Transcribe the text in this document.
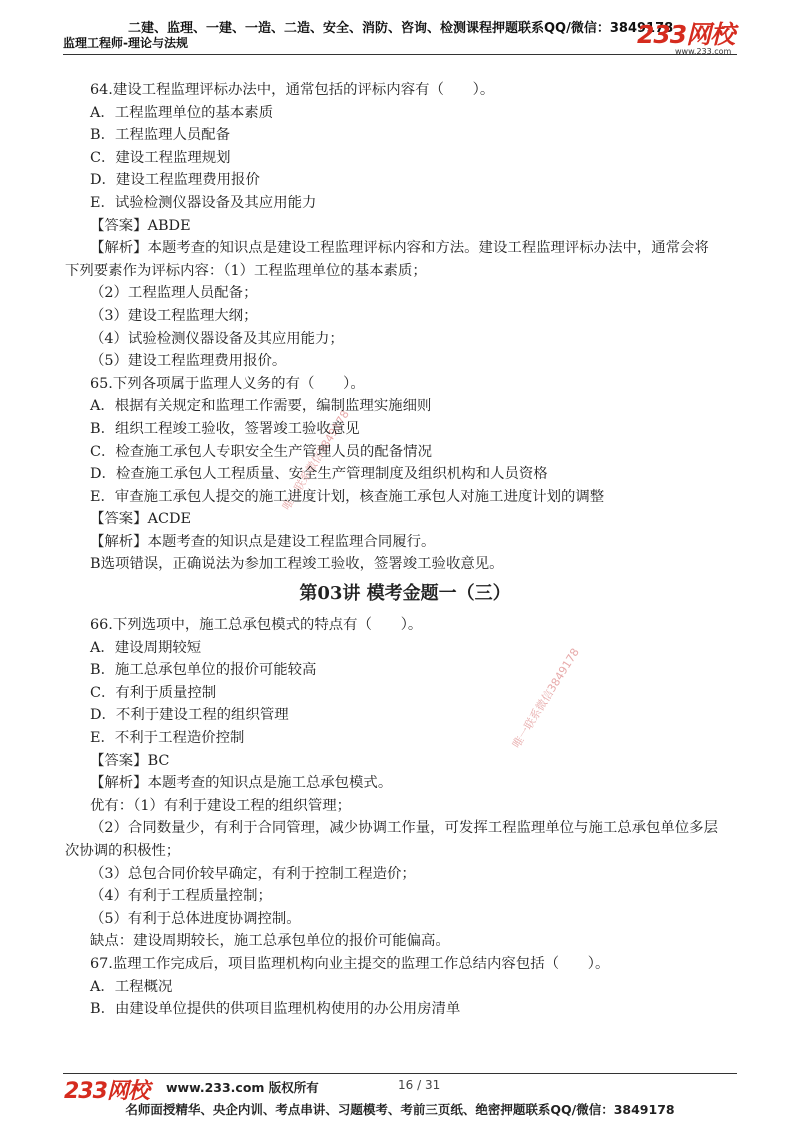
二建、监理、一建、一造、二造、安全、消防、咨询、检测课程押题联系QQ/微信：3849178
监理工程师-理论与法规	233网校
www.233.com
唯一联系微信3849178
唯一联系微信3849178
64.建设工程监理评标办法中，通常包括的评标内容有（　　）。
A．工程监理单位的基本素质
B．工程监理人员配备
C．建设工程监理规划
D．建设工程监理费用报价
E．试验检测仪器设备及其应用能力
【答案】ABDE
【解析】本题考查的知识点是建设工程监理评标内容和方法。建设工程监理评标办法中，通常会将
下列要素作为评标内容：（1）工程监理单位的基本素质；
（2）工程监理人员配备；
（3）建设工程监理大纲；
（4）试验检测仪器设备及其应用能力；
（5）建设工程监理费用报价。
65.下列各项属于监理人义务的有（　　）。
A．根据有关规定和监理工作需要，编制监理实施细则
B．组织工程竣工验收，签署竣工验收意见
C．检查施工承包人专职安全生产管理人员的配备情况
D．检查施工承包人工程质量、安全生产管理制度及组织机构和人员资格
E．审查施工承包人提交的施工进度计划，核查施工承包人对施工进度计划的调整
【答案】ACDE
【解析】本题考查的知识点是建设工程监理合同履行。
B选项错误，正确说法为参加工程竣工验收，签署竣工验收意见。
第03讲 模考金题一（三）
66.下列选项中，施工总承包模式的特点有（　　）。
A．建设周期较短
B．施工总承包单位的报价可能较高
C．有利于质量控制
D．不利于建设工程的组织管理
E．不利于工程造价控制
【答案】BC
【解析】本题考查的知识点是施工总承包模式。
优有：（1）有利于建设工程的组织管理；
（2）合同数量少，有利于合同管理，减少协调工作量，可发挥工程监理单位与施工总承包单位多层
次协调的积极性；
（3）总包合同价较早确定，有利于控制工程造价；
（4）有利于工程质量控制；
（5）有利于总体进度协调控制。
缺点：建设周期较长，施工总承包单位的报价可能偏高。
67.监理工作完成后，项目监理机构向业主提交的监理工作总结内容包括（　　）。
A．工程概况
B．由建设单位提供的供项目监理机构使用的办公用房清单
233网校 www.233.com 版权所有	16 / 31
名师面授精华、央企内训、考点串讲、习题模考、考前三页纸、绝密押题联系QQ/微信：3849178
